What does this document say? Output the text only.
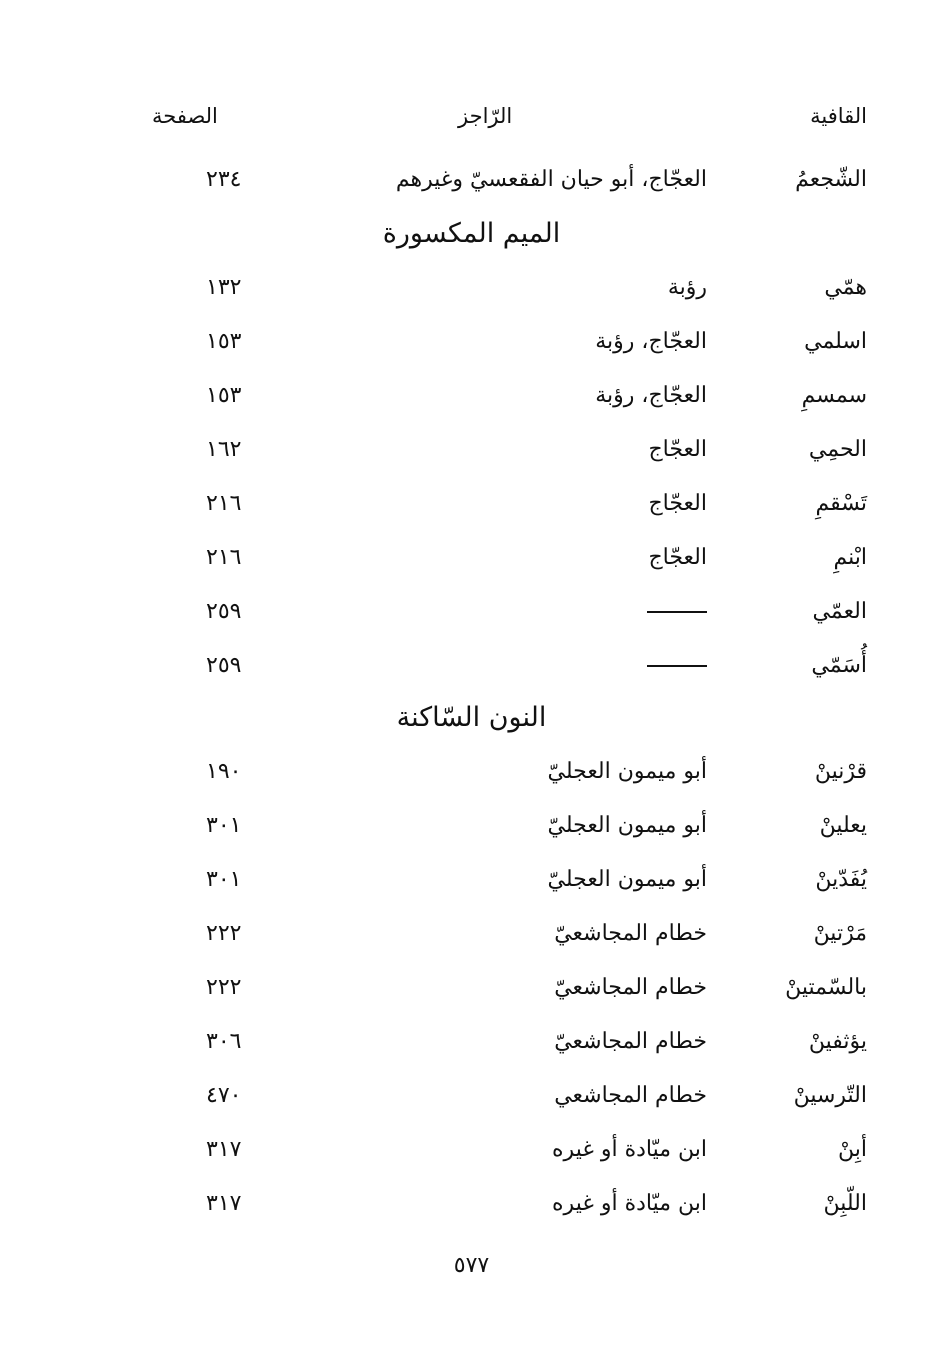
القافية
الرّاجز
الصفحة
الشّجعمُ
العجّاج، أبو حيان الفقعسيّ وغيرهم
٢٣٤
الميم المكسورة
همّي
رؤبة
١٣٢
اسلمي
العجّاج، رؤبة
١٥٣
سمسمِ
العجّاج، رؤبة
١٥٣
الحمِي
العجّاج
١٦٢
تَسْقمِ
العجّاج
٢١٦
ابْنمِ
العجّاج
٢١٦
العمّي
٢٥٩
أُسَمّي
٢٥٩
النون السّاكنة
قرْنينْ
أبو ميمون العجليّ
١٩٠
يعلينْ
أبو ميمون العجليّ
٣٠١
يُفَدّينْ
أبو ميمون العجليّ
٣٠١
مَرْتينْ
خطام المجاشعيّ
٢٢٢
بالسّمتينْ
خطام المجاشعيّ
٢٢٢
يؤثفينْ
خطام المجاشعيّ
٣٠٦
التّرسينْ
خطام المجاشعي
٤٧٠
أبِنْ
ابن ميّادة أو غيره
٣١٧
اللّبِنْ
ابن ميّادة أو غيره
٣١٧
٥٧٧
